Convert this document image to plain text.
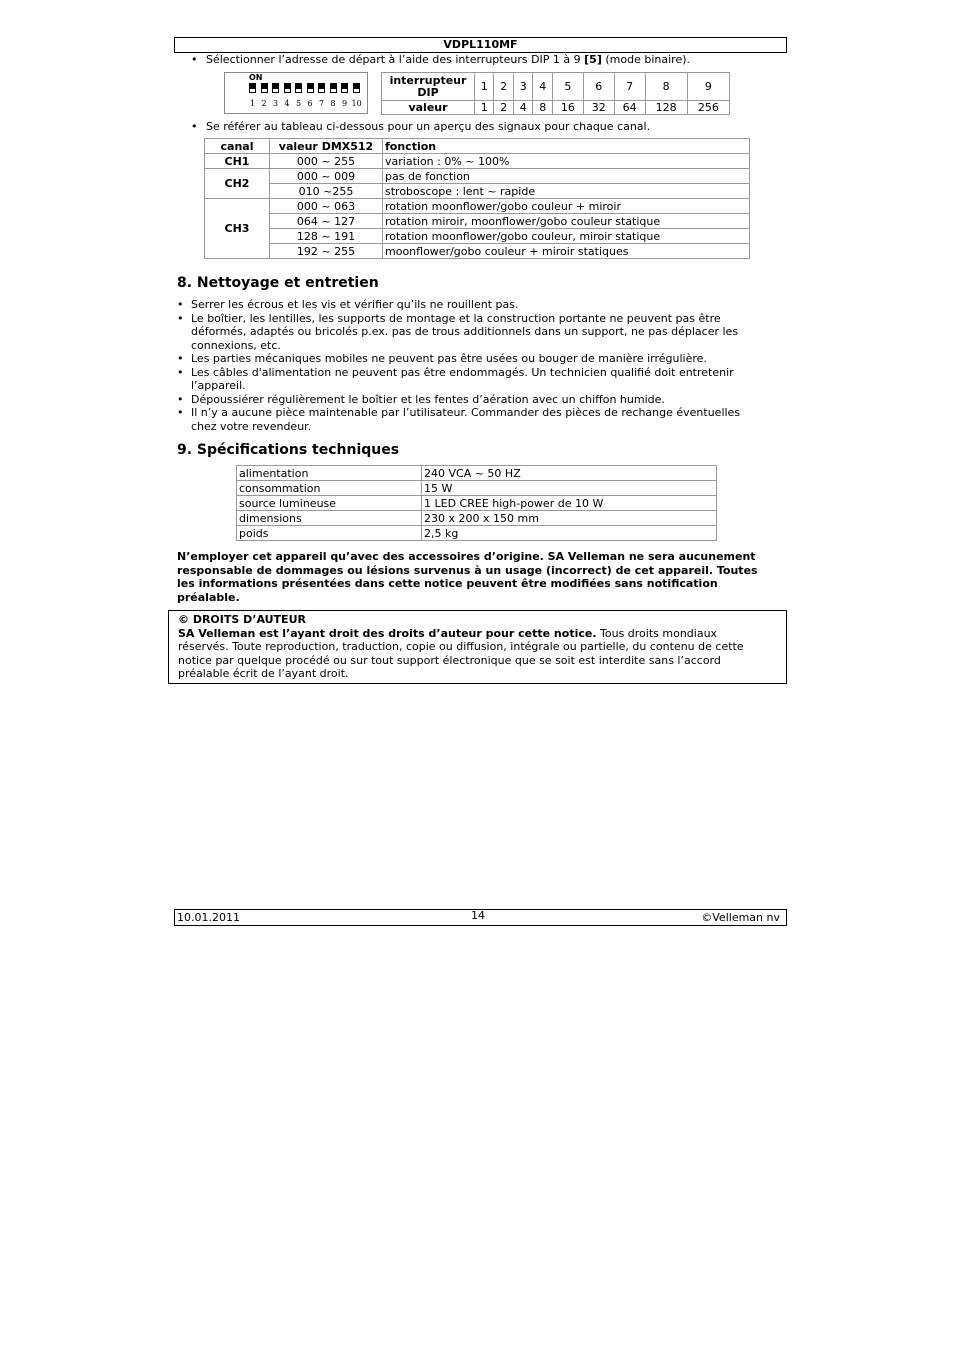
VDPL110MF
• Sélectionner l’adresse de départ à l’aide des interrupteurs DIP 1 à 9 [5] (mode binaire).
ON
1 2 3 4 5 6 7 8 9 10
interrupteur DIP	1	2	3	4	5	6	7	8	9
valeur	1	2	4	8	16	32	64	128	256
• Se référer au tableau ci-dessous pour un aperçu des signaux pour chaque canal.
canal	valeur DMX512	fonction
CH1	000 ~ 255	variation : 0% ~ 100%
CH2	000 ~ 009	pas de fonction
	010 ~255	stroboscope : lent ~ rapide
CH3	000 ~ 063	rotation moonflower/gobo couleur + miroir
	064 ~ 127	rotation miroir, moonflower/gobo couleur statique
	128 ~ 191	rotation moonflower/gobo couleur, miroir statique
	192 ~ 255	moonflower/gobo couleur + miroir statiques
8. Nettoyage et entretien
• Serrer les écrous et les vis et vérifier qu’ils ne rouillent pas.
• Le boîtier, les lentilles, les supports de montage et la construction portante ne peuvent pas être
déformés, adaptés ou bricolés p.ex. pas de trous additionnels dans un support, ne pas déplacer les
connexions, etc.
• Les parties mécaniques mobiles ne peuvent pas être usées ou bouger de manière irrégulière.
• Les câbles d'alimentation ne peuvent pas être endommagés. Un technicien qualifié doit entretenir
l’appareil.
• Dépoussiérer régulièrement le boîtier et les fentes d’aération avec un chiffon humide.
• Il n’y a aucune pièce maintenable par l’utilisateur. Commander des pièces de rechange éventuelles
chez votre revendeur.
9. Spécifications techniques
alimentation	240 VCA ~ 50 HZ
consommation	15 W
source lumineuse	1 LED CREE high-power de 10 W
dimensions	230 x 200 x 150 mm
poids	2,5 kg
N’employer cet appareil qu’avec des accessoires d’origine. SA Velleman ne sera aucunement
responsable de dommages ou lésions survenus à un usage (incorrect) de cet appareil. Toutes
les informations présentées dans cette notice peuvent être modifiées sans notification
préalable.
© DROITS D’AUTEUR
SA Velleman est l’ayant droit des droits d’auteur pour cette notice. Tous droits mondiaux
réservés. Toute reproduction, traduction, copie ou diffusion, intégrale ou partielle, du contenu de cette
notice par quelque procédé ou sur tout support électronique que se soit est interdite sans l’accord
préalable écrit de l’ayant droit.
10.01.2011	14	©Velleman nv
